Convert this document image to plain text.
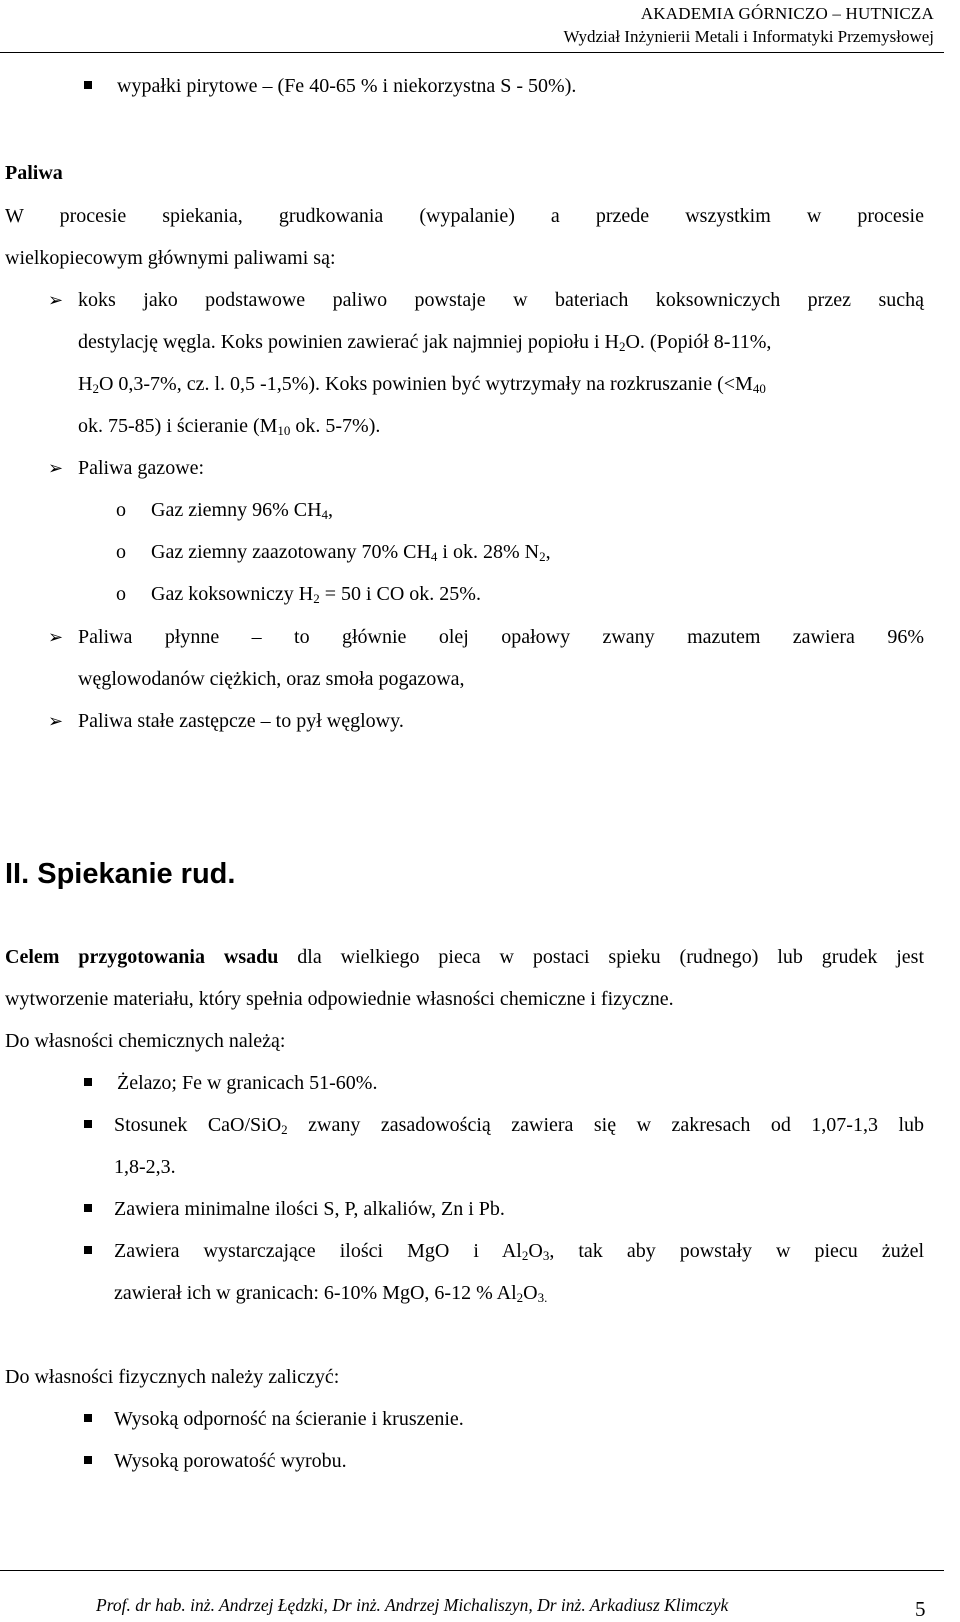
AKADEMIA GÓRNICZO – HUTNICZA
Wydział Inżynierii Metali i Informatyki Przemysłowej
wypałki pirytowe – (Fe 40-65 % i niekorzystna S - 50%).
Paliwa
W procesie spiekania, grudkowania (wypalanie) a przede wszystkim w procesie
wielkopiecowym głównymi paliwami są:
➢ koks jako podstawowe paliwo powstaje w bateriach koksowniczych przez suchą
destylację węgla. Koks powinien zawierać jak najmniej popiołu i $H_2O$. (Popiół 8-11%,
$H_2O$ 0,3-7%, cz. l. 0,5 -1,5%). Koks powinien być wytrzymały na rozkruszanie ($<M_{40}$
ok. 75-85) i ścieranie ($M_{10}$ ok. 5-7%).
➢ Paliwa gazowe:
o Gaz ziemny 96% $CH_4$,
o Gaz ziemny zaazotowany 70% $CH_4$ i ok. 28% $N_2$,
o Gaz koksowniczy $H_2 = 50$ i CO ok. 25%.
➢ Paliwa płynne – to głównie olej opałowy zwany mazutem zawiera 96%
węglowodanów ciężkich, oraz smoła pogazowa,
➢ Paliwa stałe zastępcze – to pył węglowy.
II. Spiekanie rud.
Celem przygotowania wsadu dla wielkiego pieca w postaci spieku (rudnego) lub grudek jest
wytworzenie materiału, który spełnia odpowiednie własności chemiczne i fizyczne.
Do własności chemicznych należą:
Żelazo; Fe w granicach 51-60%.
Stosunek CaO/SiO$_2$ zwany zasadowością zawiera się w zakresach od 1,07-1,3 lub
1,8-2,3.
Zawiera minimalne ilości S, P, alkaliów, Zn i Pb.
Zawiera wystarczające ilości MgO i $Al_2O_3$, tak aby powstały w piecu żużel
zawierał ich w granicach: 6-10% MgO, 6-12 % $Al_2O_{3.}$
Do własności fizycznych należy zaliczyć:
Wysoką odporność na ścieranie i kruszenie.
Wysoką porowatość wyrobu.
Prof. dr hab. inż. Andrzej Łędzki, Dr inż. Andrzej Michaliszyn, Dr inż. Arkadiusz Klimczyk	5
